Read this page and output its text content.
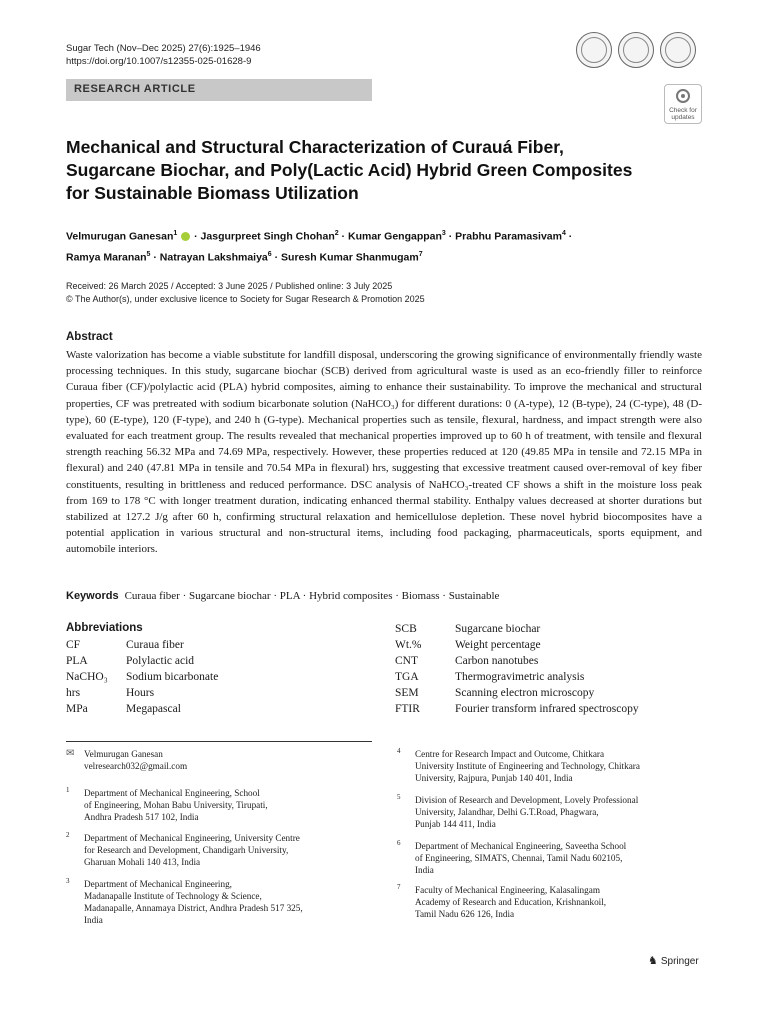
Sugar Tech (Nov–Dec 2025) 27(6):1925–1946
https://doi.org/10.1007/s12355-025-01628-9
RESEARCH ARTICLE
Check for
updates
Mechanical and Structural Characterization of Curauá Fiber,
Sugarcane Biochar, and Poly(Lactic Acid) Hybrid Green Composites
for Sustainable Biomass Utilization
Velmurugan Ganesan$^1$  · Jasgurpreet Singh Chohan$^2$ · Kumar Gengappan$^3$ · Prabhu Paramasivam$^4$ ·
Ramya Maranan$^5$ · Natrayan Lakshmaiya$^6$ · Suresh Kumar Shanmugam$^7$
Received: 26 March 2025 / Accepted: 3 June 2025 / Published online: 3 July 2025
© The Author(s), under exclusive licence to Society for Sugar Research & Promotion 2025
Abstract
Waste valorization has become a viable substitute for landfill disposal, underscoring the growing significance of environmentally friendly waste processing techniques. In this study, sugarcane biochar (SCB) derived from agricultural waste is used as an eco-friendly filler to reinforce Curaua fiber (CF)/polylactic acid (PLA) hybrid composites, aiming to enhance their sustainability. To improve the mechanical and structural properties, CF was pretreated with sodium bicarbonate solution (NaHCO₃) for different durations: 0 (A-type), 12 (B-type), 24 (C-type), 48 (D-type), 60 (E-type), 120 (F-type), and 240 h (G-type). Mechanical properties such as tensile, flexural, hardness, and impact strength were also evaluated for each treatment group. The results revealed that mechanical properties improved up to 60 h of treatment, with tensile and flexural strength reaching 56.32 MPa and 74.69 MPa, respectively. However, these properties reduced at 120 (49.85 MPa in tensile and 72.15 MPa in flexural) and 240 (47.81 MPa in tensile and 70.54 MPa in flexural) hrs, suggesting that excessive treatment caused over-removal of key fiber constituents, resulting in brittleness and reduced performance. DSC analysis of NaHCO₃-treated CF shows a shift in the moisture loss peak from 169 to 178 °C with longer treatment duration, indicating enhanced thermal stability. Enthalpy values decreased at shorter durations but stabilized at 127.2 J/g after 60 h, confirming structural relaxation and hemicellulose depletion. These novel hybrid biocomposites have a potential application in various structural and non-structural items, including food packaging, pharmaceuticals, sports equipment, and automobile interiors.
Keywords Curaua fiber · Sugarcane biochar · PLA · Hybrid composites · Biomass · Sustainable
Abbreviations
CF	Curaua fiber
PLA	Polylactic acid
NaCHO₃ Sodium bicarbonate
hrs	Hours
MPa	Megapascal
SCB	Sugarcane biochar
Wt.%	Weight percentage
CNT	Carbon nanotubes
TGA	Thermogravimetric analysis
SEM	Scanning electron microscopy
FTIR	Fourier transform infrared spectroscopy
✉ Velmurugan Ganesan
velresearch032@gmail.com
1 Department of Mechanical Engineering, School
of Engineering, Mohan Babu University, Tirupati,
Andhra Pradesh 517 102, India
2 Department of Mechanical Engineering, University Centre
for Research and Development, Chandigarh University,
Gharuan Mohali 140 413, India
3 Department of Mechanical Engineering,
Madanapalle Institute of Technology & Science,
Madanapalle, Annamaya District, Andhra Pradesh 517 325,
India
4 Centre for Research Impact and Outcome, Chitkara
University Institute of Engineering and Technology, Chitkara
University, Rajpura, Punjab 140 401, India
5 Division of Research and Development, Lovely Professional
University, Jalandhar, Delhi G.T.Road, Phagwara,
Punjab 144 411, India
6 Department of Mechanical Engineering, Saveetha School
of Engineering, SIMATS, Chennai, Tamil Nadu 602105,
India
7 Faculty of Mechanical Engineering, Kalasalingam
Academy of Research and Education, Krishnankoil,
Tamil Nadu 626 126, India
♞ Springer
